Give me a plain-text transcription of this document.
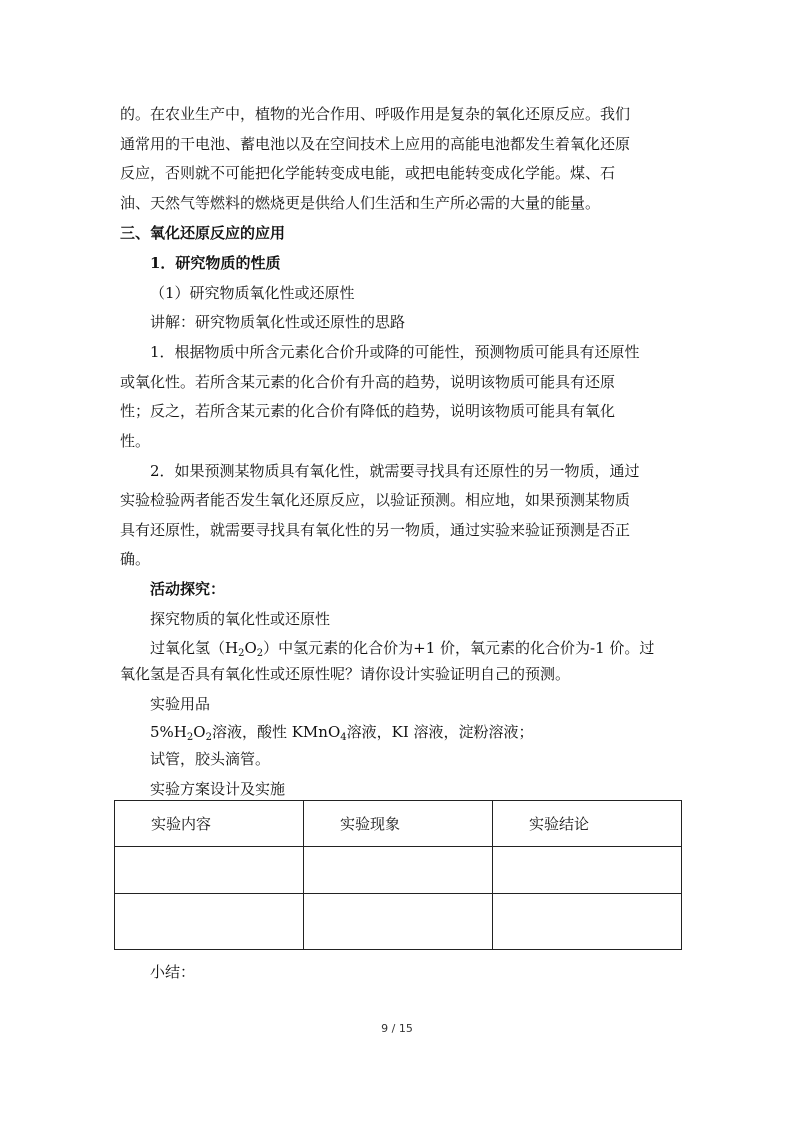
的。在农业生产中，植物的光合作用、呼吸作用是复杂的氧化还原反应。我们
通常用的干电池、蓄电池以及在空间技术上应用的高能电池都发生着氧化还原
反应，否则就不可能把化学能转变成电能，或把电能转变成化学能。煤、石
油、天然气等燃料的燃烧更是供给人们生活和生产所必需的大量的能量。
三、氧化还原反应的应用
1．研究物质的性质
（1）研究物质氧化性或还原性
讲解：研究物质氧化性或还原性的思路
1．根据物质中所含元素化合价升或降的可能性，预测物质可能具有还原性
或氧化性。若所含某元素的化合价有升高的趋势，说明该物质可能具有还原
性；反之，若所含某元素的化合价有降低的趋势，说明该物质可能具有氧化
性。
2．如果预测某物质具有氧化性，就需要寻找具有还原性的另一物质，通过
实验检验两者能否发生氧化还原反应，以验证预测。相应地，如果预测某物质
具有还原性，就需要寻找具有氧化性的另一物质，通过实验来验证预测是否正
确。
活动探究：
探究物质的氧化性或还原性
过氧化氢$(H_2O_2)$中氢元素的化合价为+1 价，氧元素的化合价为-1 价。过
氧化氢是否具有氧化性或还原性呢？请你设计实验证明自己的预测。
实验用品
$5\%H_2O_2$溶液，酸性 KMnO$_4$溶液，KI 溶液，淀粉溶液；
试管，胶头滴管。
实验方案设计及实施
实验内容	实验现象	实验结论

小结：
9 / 15
